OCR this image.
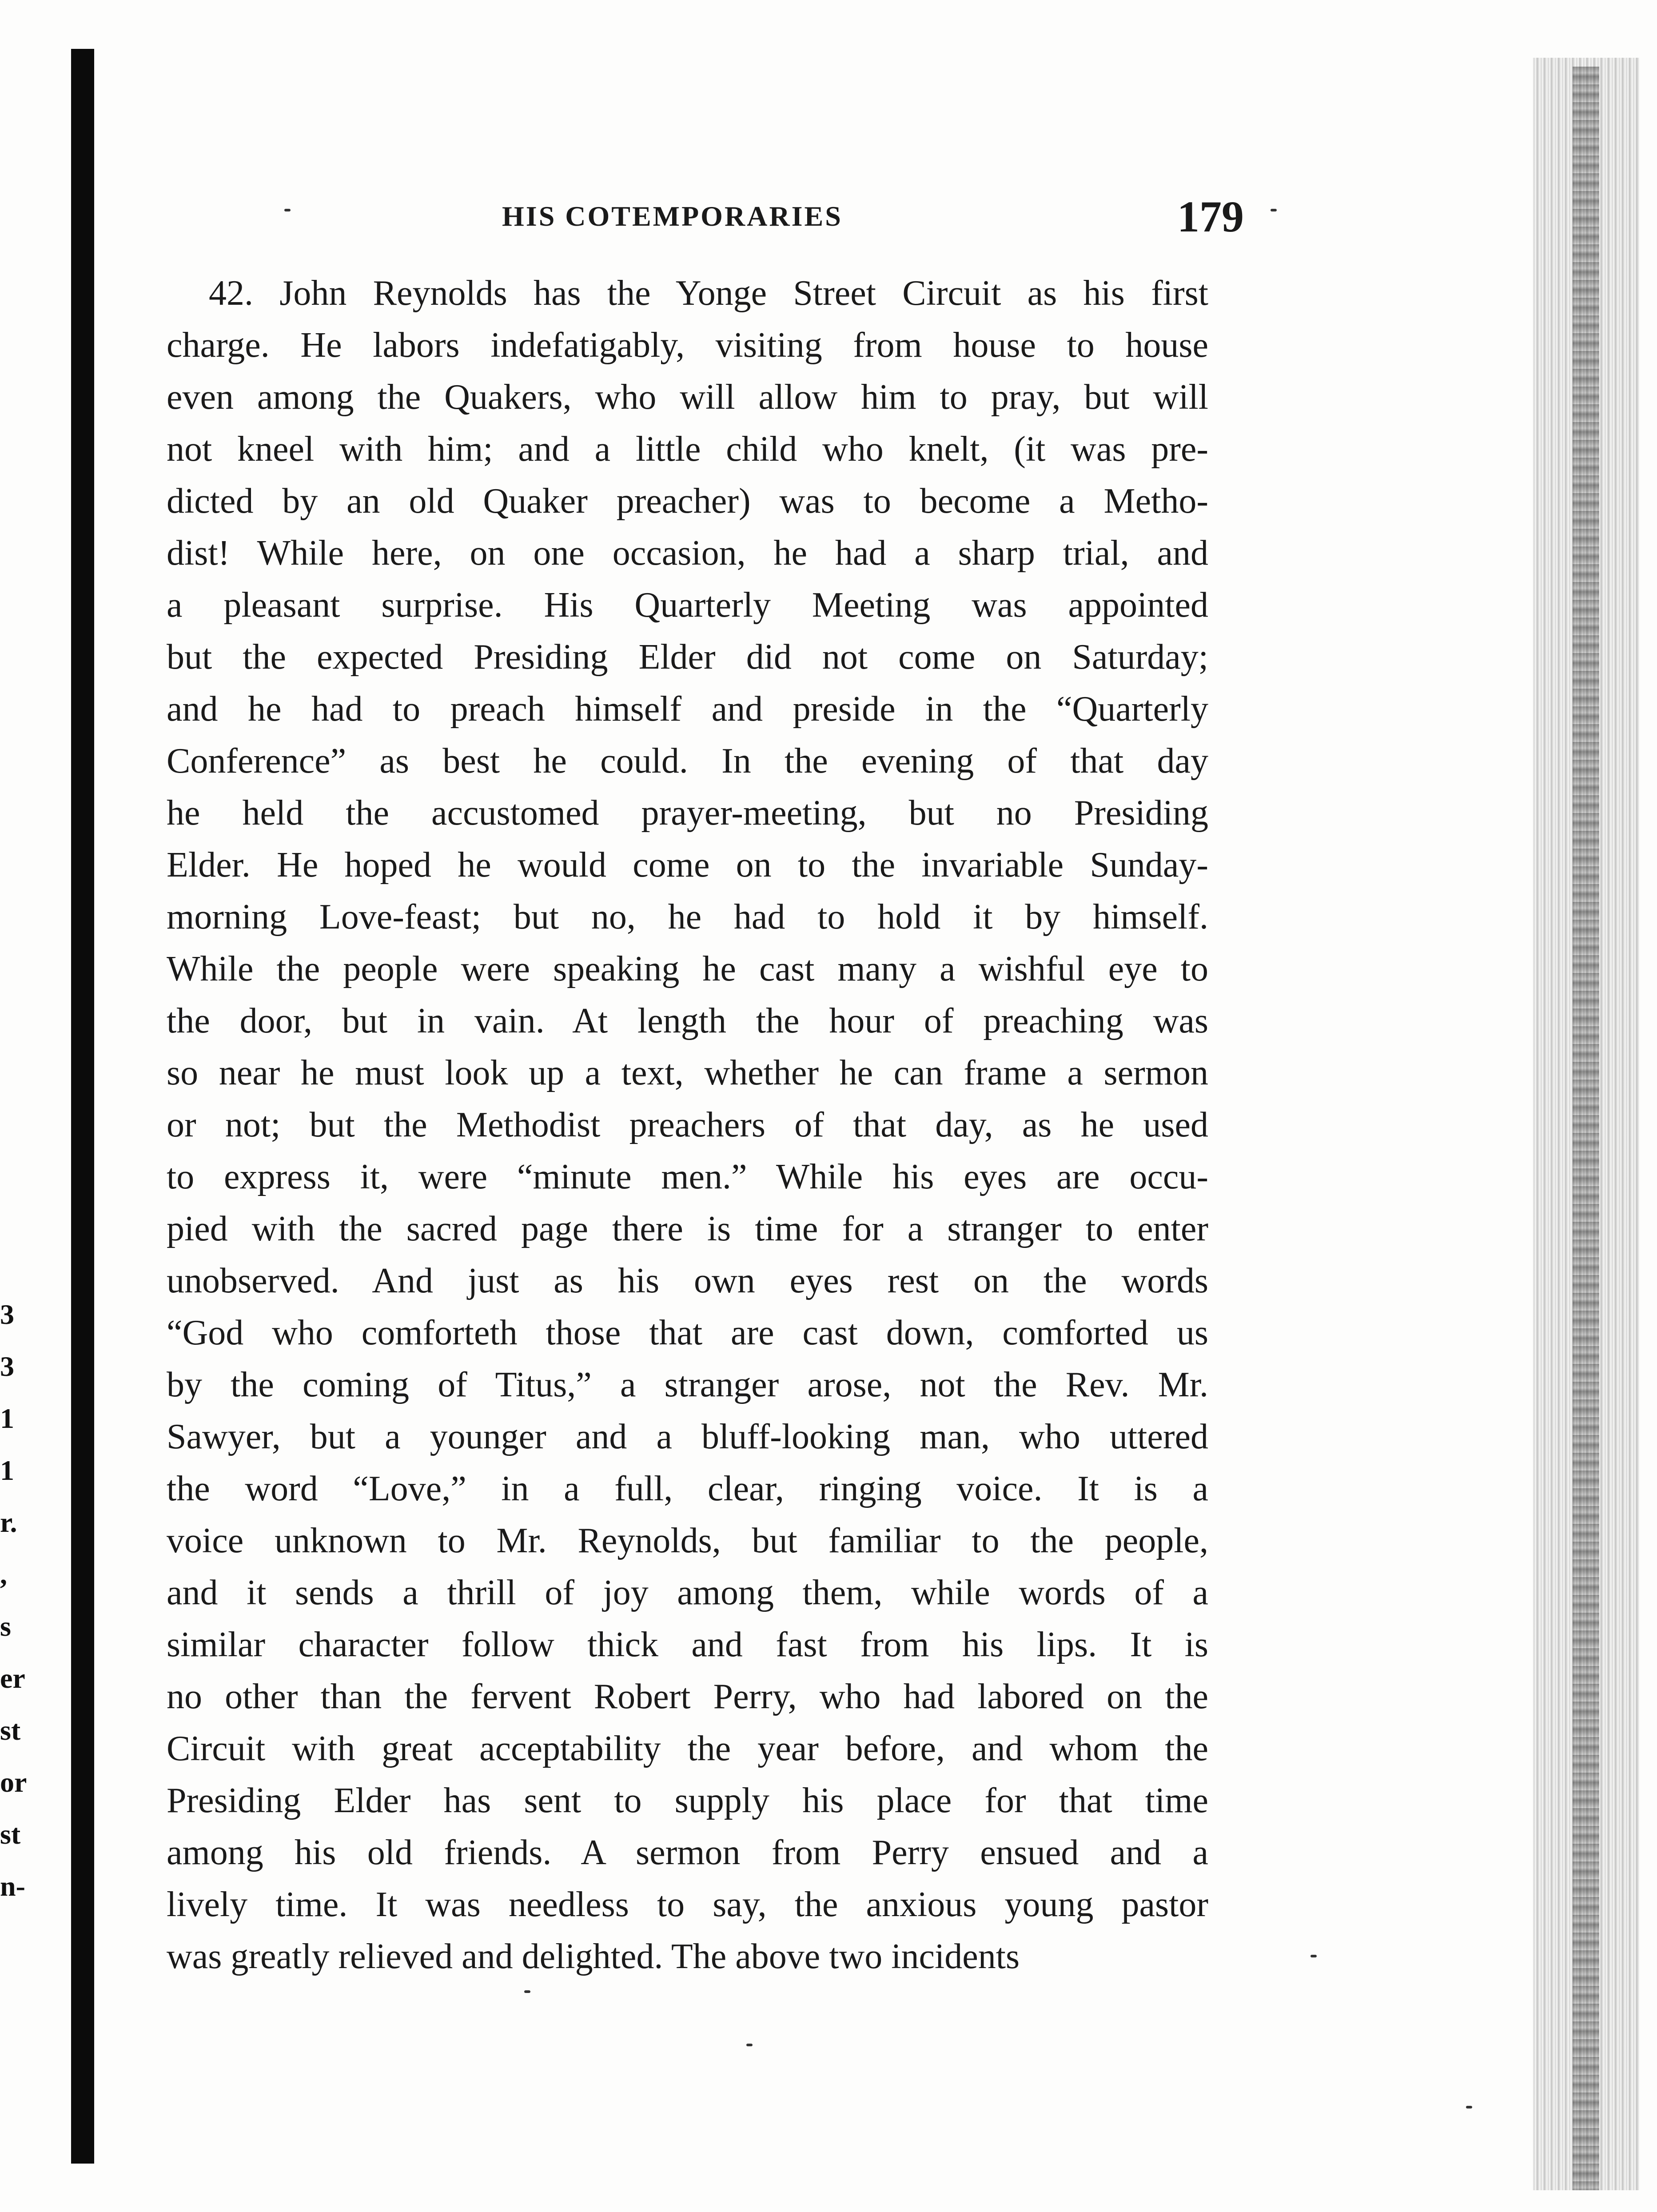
3
3
1
1
r.
,
s
er
st
or
st
n-
HIS COTEMPORARIES	179
42. John Reynolds has the Yonge Street Circuit as his first
charge. He labors indefatigably, visiting from house to house
even among the Quakers, who will allow him to pray, but will
not kneel with him; and a little child who knelt, (it was pre-
dicted by an old Quaker preacher) was to become a Metho-
dist! While here, on one occasion, he had a sharp trial, and
a pleasant surprise. His Quarterly Meeting was appointed
but the expected Presiding Elder did not come on Saturday;
and he had to preach himself and preside in the “Quarterly
Conference” as best he could. In the evening of that day
he held the accustomed prayer-meeting, but no Presiding
Elder. He hoped he would come on to the invariable Sunday-
morning Love-feast; but no, he had to hold it by himself.
While the people were speaking he cast many a wishful eye to
the door, but in vain. At length the hour of preaching was
so near he must look up a text, whether he can frame a sermon
or not; but the Methodist preachers of that day, as he used
to express it, were “minute men.” While his eyes are occu-
pied with the sacred page there is time for a stranger to enter
unobserved. And just as his own eyes rest on the words
“God who comforteth those that are cast down, comforted us
by the coming of Titus,” a stranger arose, not the Rev. Mr.
Sawyer, but a younger and a bluff-looking man, who uttered
the word “Love,” in a full, clear, ringing voice. It is a
voice unknown to Mr. Reynolds, but familiar to the people,
and it sends a thrill of joy among them, while words of a
similar character follow thick and fast from his lips. It is
no other than the fervent Robert Perry, who had labored on the
Circuit with great acceptability the year before, and whom the
Presiding Elder has sent to supply his place for that time
among his old friends. A sermon from Perry ensued and a
lively time. It was needless to say, the anxious young pastor
was greatly relieved and delighted. The above two incidents
